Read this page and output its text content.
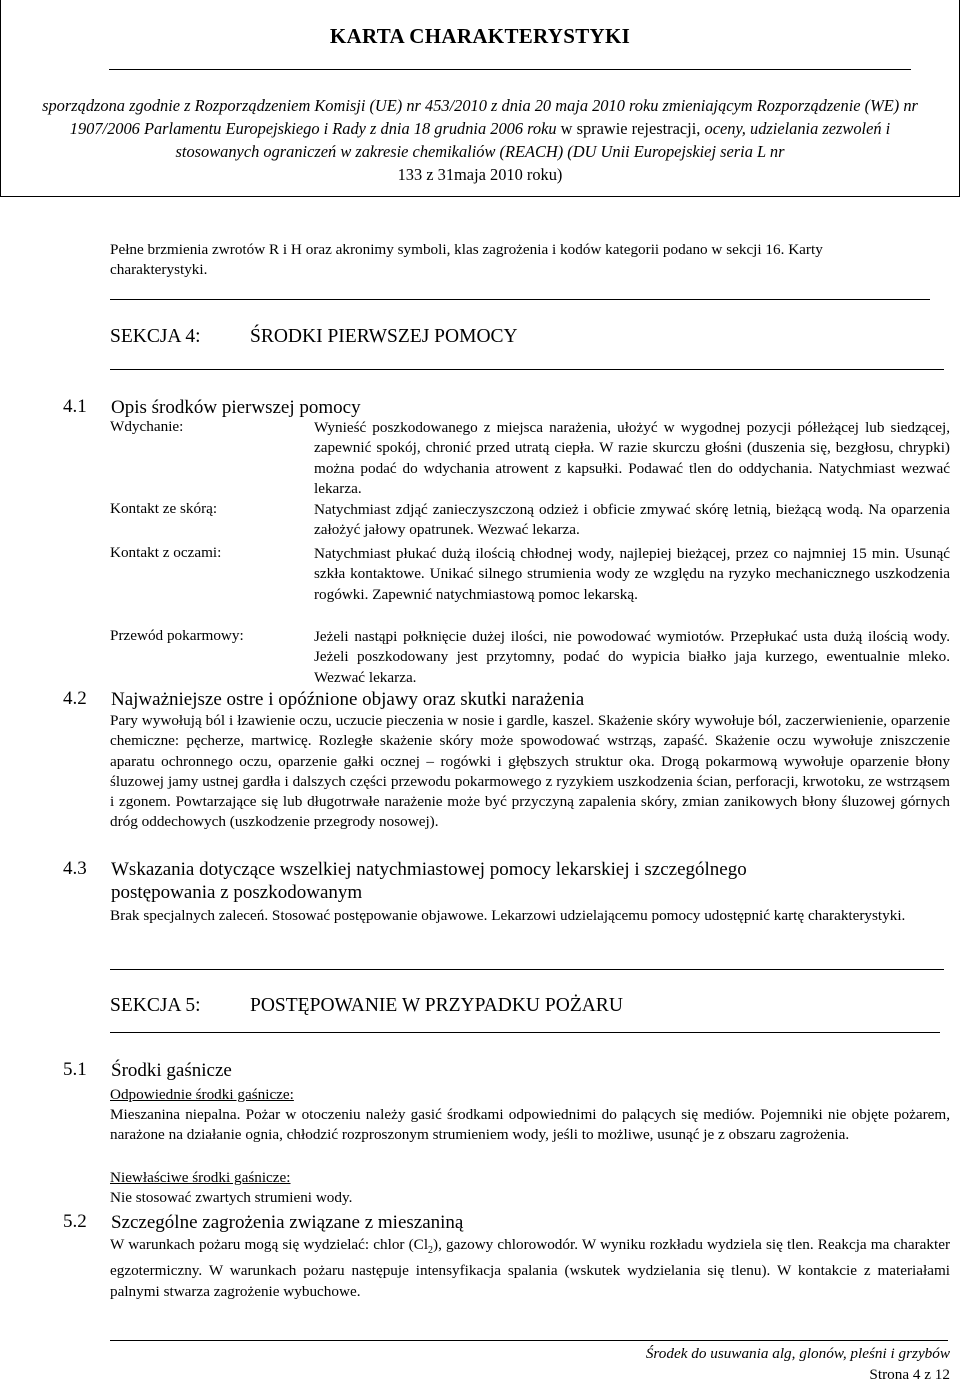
KARTA CHARAKTERYSTYKI
sporządzona zgodnie z Rozporządzeniem Komisji (UE) nr 453/2010 z dnia 20 maja 2010 roku zmieniającym Rozporządzenie (WE) nr 1907/2006 Parlamentu Europejskiego i Rady z dnia 18 grudnia 2006 roku w sprawie rejestracji, oceny, udzielania zezwoleń i stosowanych ograniczeń w zakresie chemikaliów (REACH) (DU Unii Europejskiej seria L nr
133 z 31maja 2010 roku)
Pełne brzmienia zwrotów R i H oraz akronimy symboli, klas zagrożenia i kodów kategorii podano w sekcji 16. Karty charakterystyki.
SEKCJA 4:	ŚRODKI PIERWSZEJ POMOCY
4.1 Opis środków pierwszej pomocy
Wdychanie:	Wynieść poszkodowanego z miejsca narażenia, ułożyć w wygodnej pozycji półleżącej lub siedzącej, zapewnić spokój, chronić przed utratą ciepła. W razie skurczu głośni (duszenia się, bezgłosu, chrypki) można podać do wdychania atrowent z kapsułki. Podawać tlen do oddychania. Natychmiast wezwać lekarza.
Kontakt ze skórą:	Natychmiast zdjąć zanieczyszczoną odzież i obficie zmywać skórę letnią, bieżącą wodą. Na oparzenia założyć jałowy opatrunek. Wezwać lekarza.
Kontakt z oczami:	Natychmiast płukać dużą ilością chłodnej wody, najlepiej bieżącej, przez co najmniej 15 min. Usunąć szkła kontaktowe. Unikać silnego strumienia wody ze względu na ryzyko mechanicznego uszkodzenia rogówki. Zapewnić natychmiastową pomoc lekarską.
Przewód pokarmowy:	Jeżeli nastąpi połknięcie dużej ilości, nie powodować wymiotów. Przepłukać usta dużą ilością wody. Jeżeli poszkodowany jest przytomny, podać do wypicia białko jaja kurzego, ewentualnie mleko. Wezwać lekarza.
4.2 Najważniejsze ostre i opóźnione objawy oraz skutki narażenia
Pary wywołują ból i łzawienie oczu, uczucie pieczenia w nosie i gardle, kaszel. Skażenie skóry wywołuje ból, zaczerwienienie, oparzenie chemiczne: pęcherze, martwicę. Rozległe skażenie skóry może spowodować wstrząs, zapaść. Skażenie oczu wywołuje zniszczenie aparatu ochronnego oczu, oparzenie gałki ocznej – rogówki i głębszych struktur oka. Drogą pokarmową wywołuje oparzenie błony śluzowej jamy ustnej gardła i dalszych części przewodu pokarmowego z ryzykiem uszkodzenia ścian, perforacji, krwotoku, ze wstrząsem i zgonem. Powtarzające się lub długotrwałe narażenie może być przyczyną zapalenia skóry, zmian zanikowych błony śluzowej górnych dróg oddechowych (uszkodzenie przegrody nosowej).
4.3 Wskazania dotyczące wszelkiej natychmiastowej pomocy lekarskiej i szczególnego
postępowania z poszkodowanym
Brak specjalnych zaleceń. Stosować postępowanie objawowe. Lekarzowi udzielającemu pomocy udostępnić kartę charakterystyki.
SEKCJA 5:	POSTĘPOWANIE W PRZYPADKU POŻARU
5.1 Środki gaśnicze
Odpowiednie środki gaśnicze:
Mieszanina niepalna. Pożar w otoczeniu należy gasić środkami odpowiednimi do palących się mediów. Pojemniki nie objęte pożarem, narażone na działanie ognia, chłodzić rozproszonym strumieniem wody, jeśli to możliwe, usunąć je z obszaru zagrożenia.
Niewłaściwe środki gaśnicze:
Nie stosować zwartych strumieni wody.
5.2 Szczególne zagrożenia związane z mieszaniną
W warunkach pożaru mogą się wydzielać: chlor $(Cl_2)$, gazowy chlorowodór. W wyniku rozkładu wydziela się tlen. Reakcja ma charakter egzotermiczny. W warunkach pożaru następuje intensyfikacja spalania (wskutek wydzielania się tlenu). W kontakcie z materiałami palnymi stwarza zagrożenie wybuchowe.
Środek do usuwania alg, glonów, pleśni i grzybów
Strona 4 z 12
